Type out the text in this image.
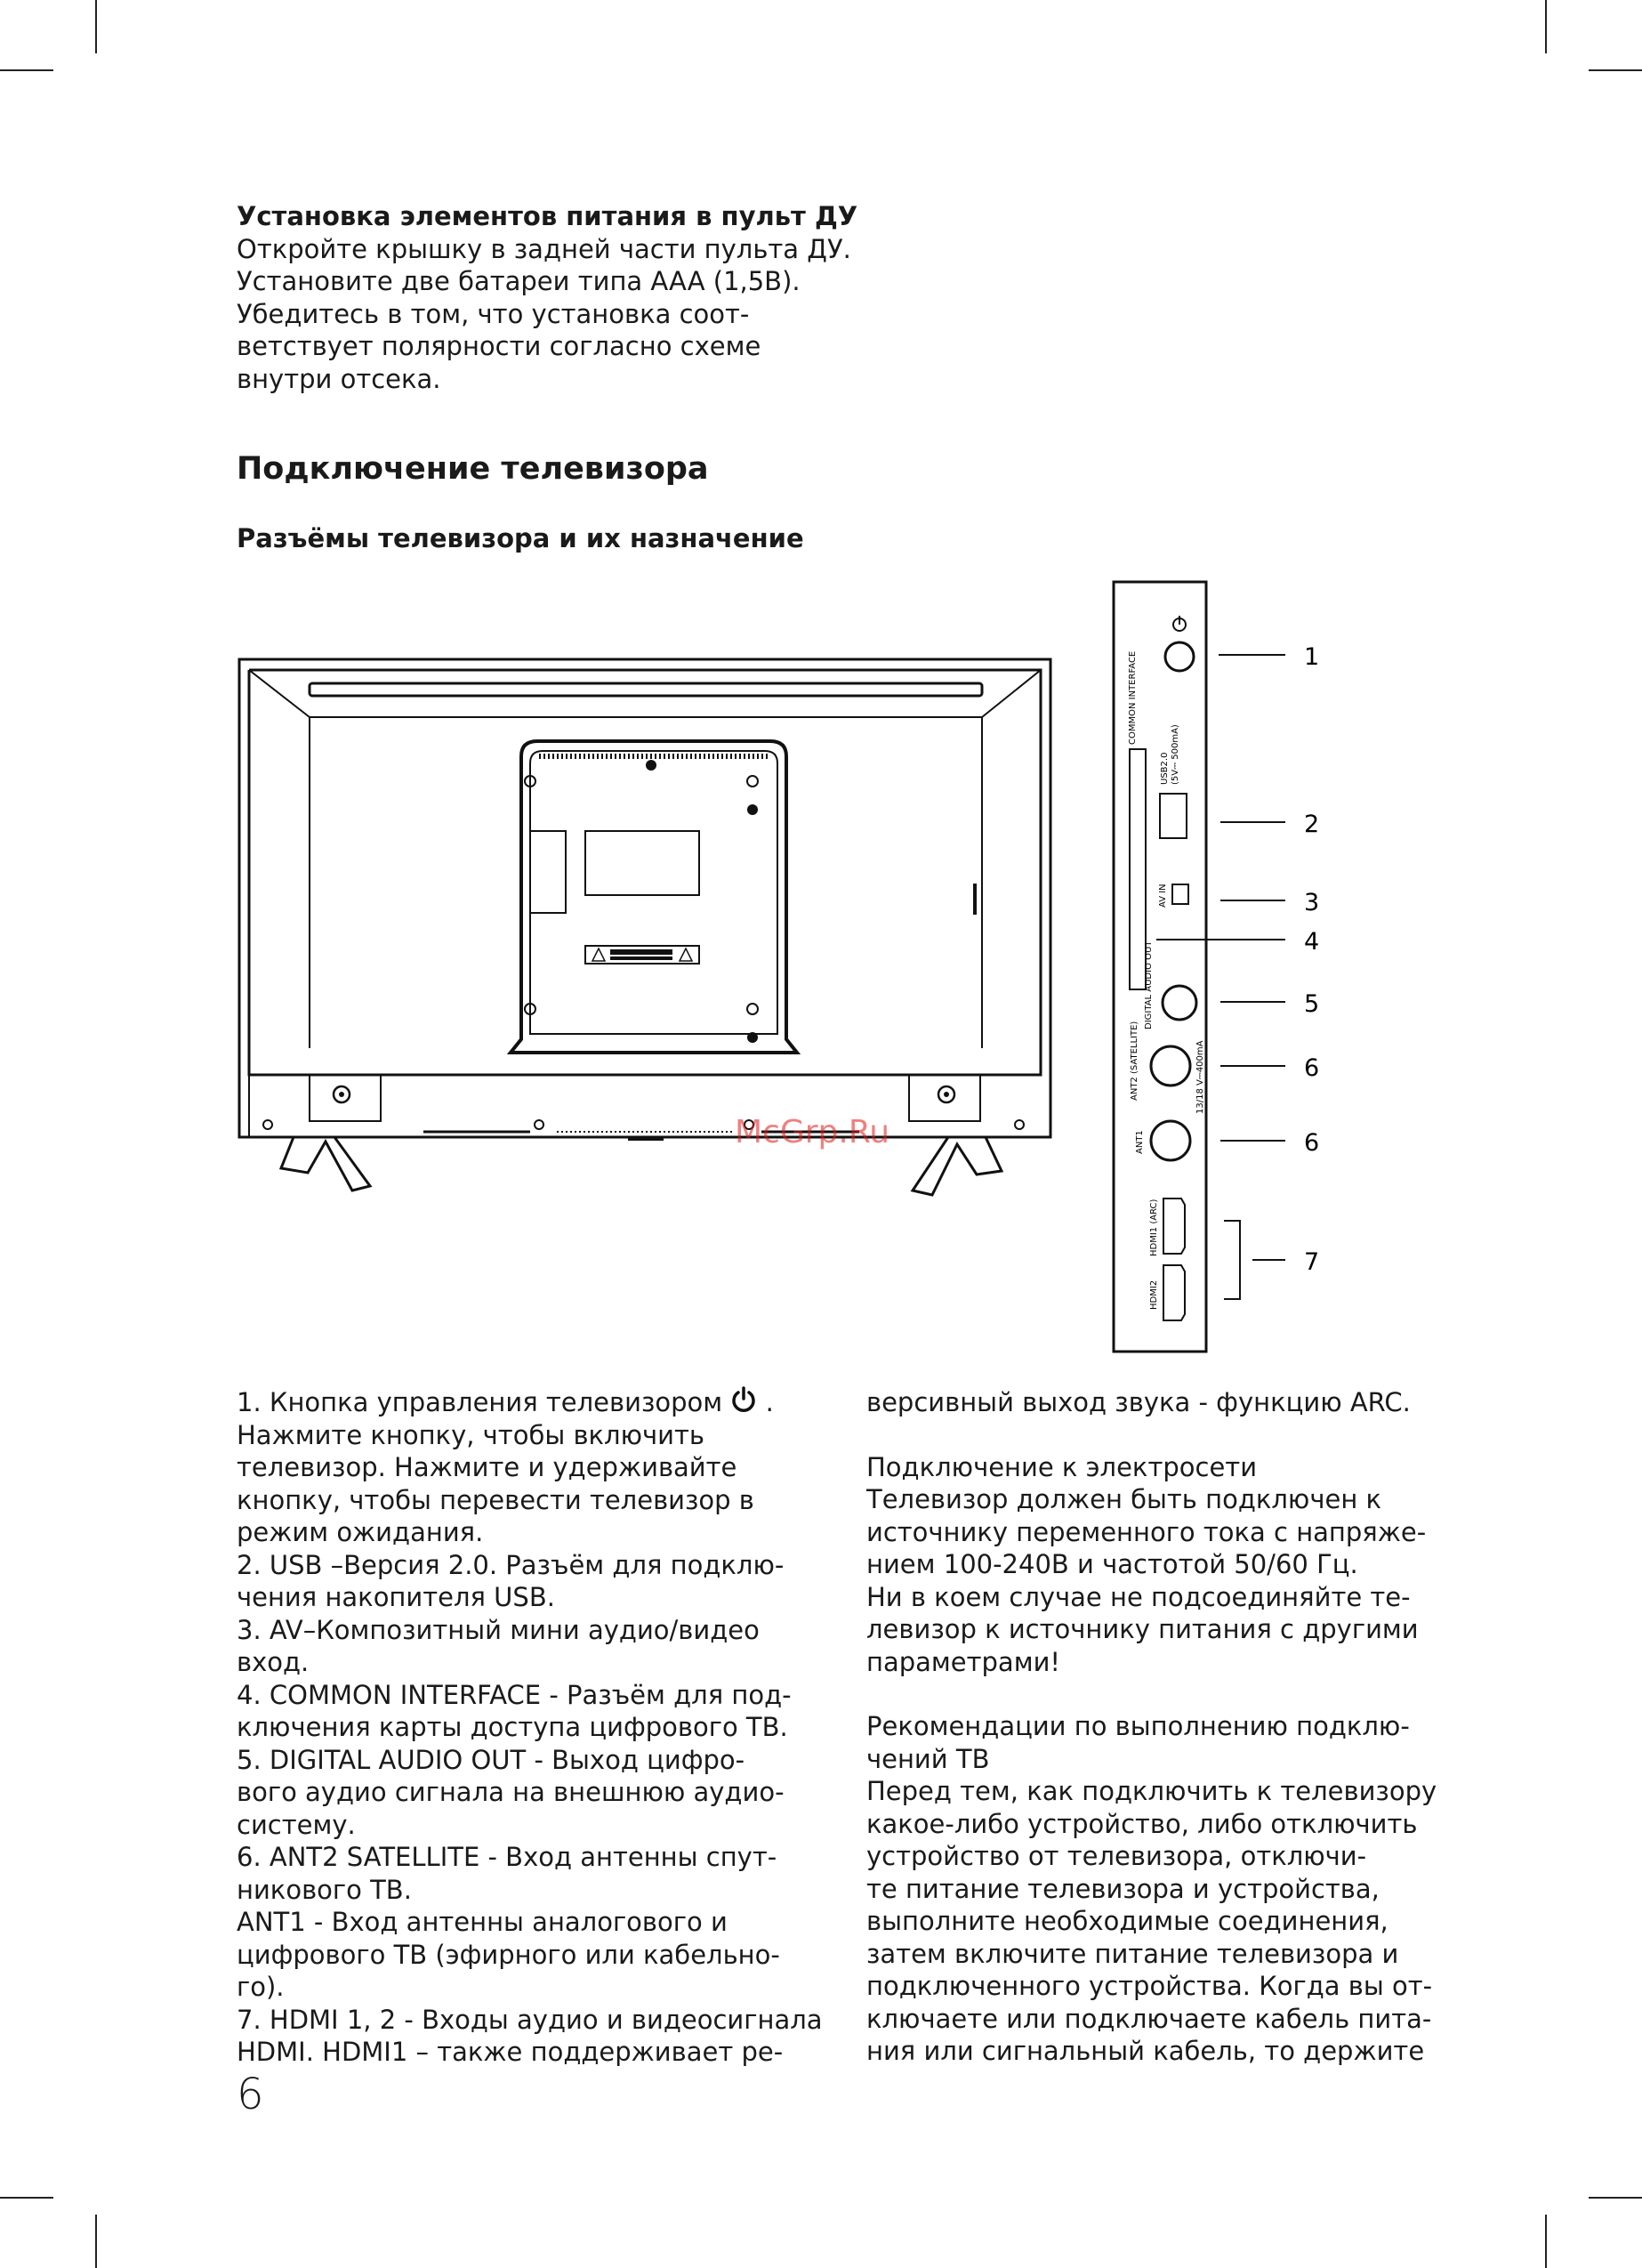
Установка элементов питания в пульт ДУ

Откройте крышку в задней части пульта ДУ.

Установите две батареи типа AAA (1,5В).

Убедитесь в том, что установка соот-

ветствует полярности согласно схеме

внутри отсека.

Подключение телевизора
Разъёмы телевизора и их назначение
COMMON INTERFACE
USB2.0 (5V⎓ 500mA)
AV IN
DIGITAL AUDIO OUT
ANT2 (SATELLITE)	13/18 V⎓400mA
ANT1
HDMI1 (ARC)
HDMI2
1
2
3
4
5
6
6
7
McGrp.Ru

1. Кнопка управления телевизором  .

Нажмите кнопку, чтобы включить

телевизор. Нажмите и удерживайте

кнопку, чтобы перевести телевизор в

режим ожидания.

2. USB –Версия 2.0. Разъём для подклю-

чения накопителя USB.

3. AV–Композитный мини аудио/видео

вход.

4. COMMON INTERFACE - Разъём для под-

ключения карты доступа цифрового ТВ.

5. DIGITAL AUDIO OUT - Выход цифро-

вого аудио сигнала на внешнюю аудио-

систему.

6. ANT2 SATELLITE - Вход антенны спут-

никового ТВ.

ANT1 - Вход антенны аналогового и

цифрового ТВ (эфирного или кабельно-

го).

7. HDMI 1, 2 - Входы аудио и видеосигнала

HDMI. HDMI1 – также поддерживает ре-

версивный выход звука - функцию ARC.

Подключение к электросети

Телевизор должен быть подключен к

источнику переменного тока с напряже-

нием 100-240В и частотой 50/60 Гц.

Ни в коем случае не подсоединяйте те-

левизор к источнику питания с другими

параметрами!

Рекомендации по выполнению подклю-

чений ТВ

Перед тем, как подключить к телевизору

какое-либо устройство, либо отключить

устройство от телевизора, отключи-

те питание телевизора и устройства,

выполните необходимые соединения,

затем включите питание телевизора и

подключенного устройства. Когда вы от-

ключаете или подключаете кабель пита-

ния или сигнальный кабель, то держите

6
